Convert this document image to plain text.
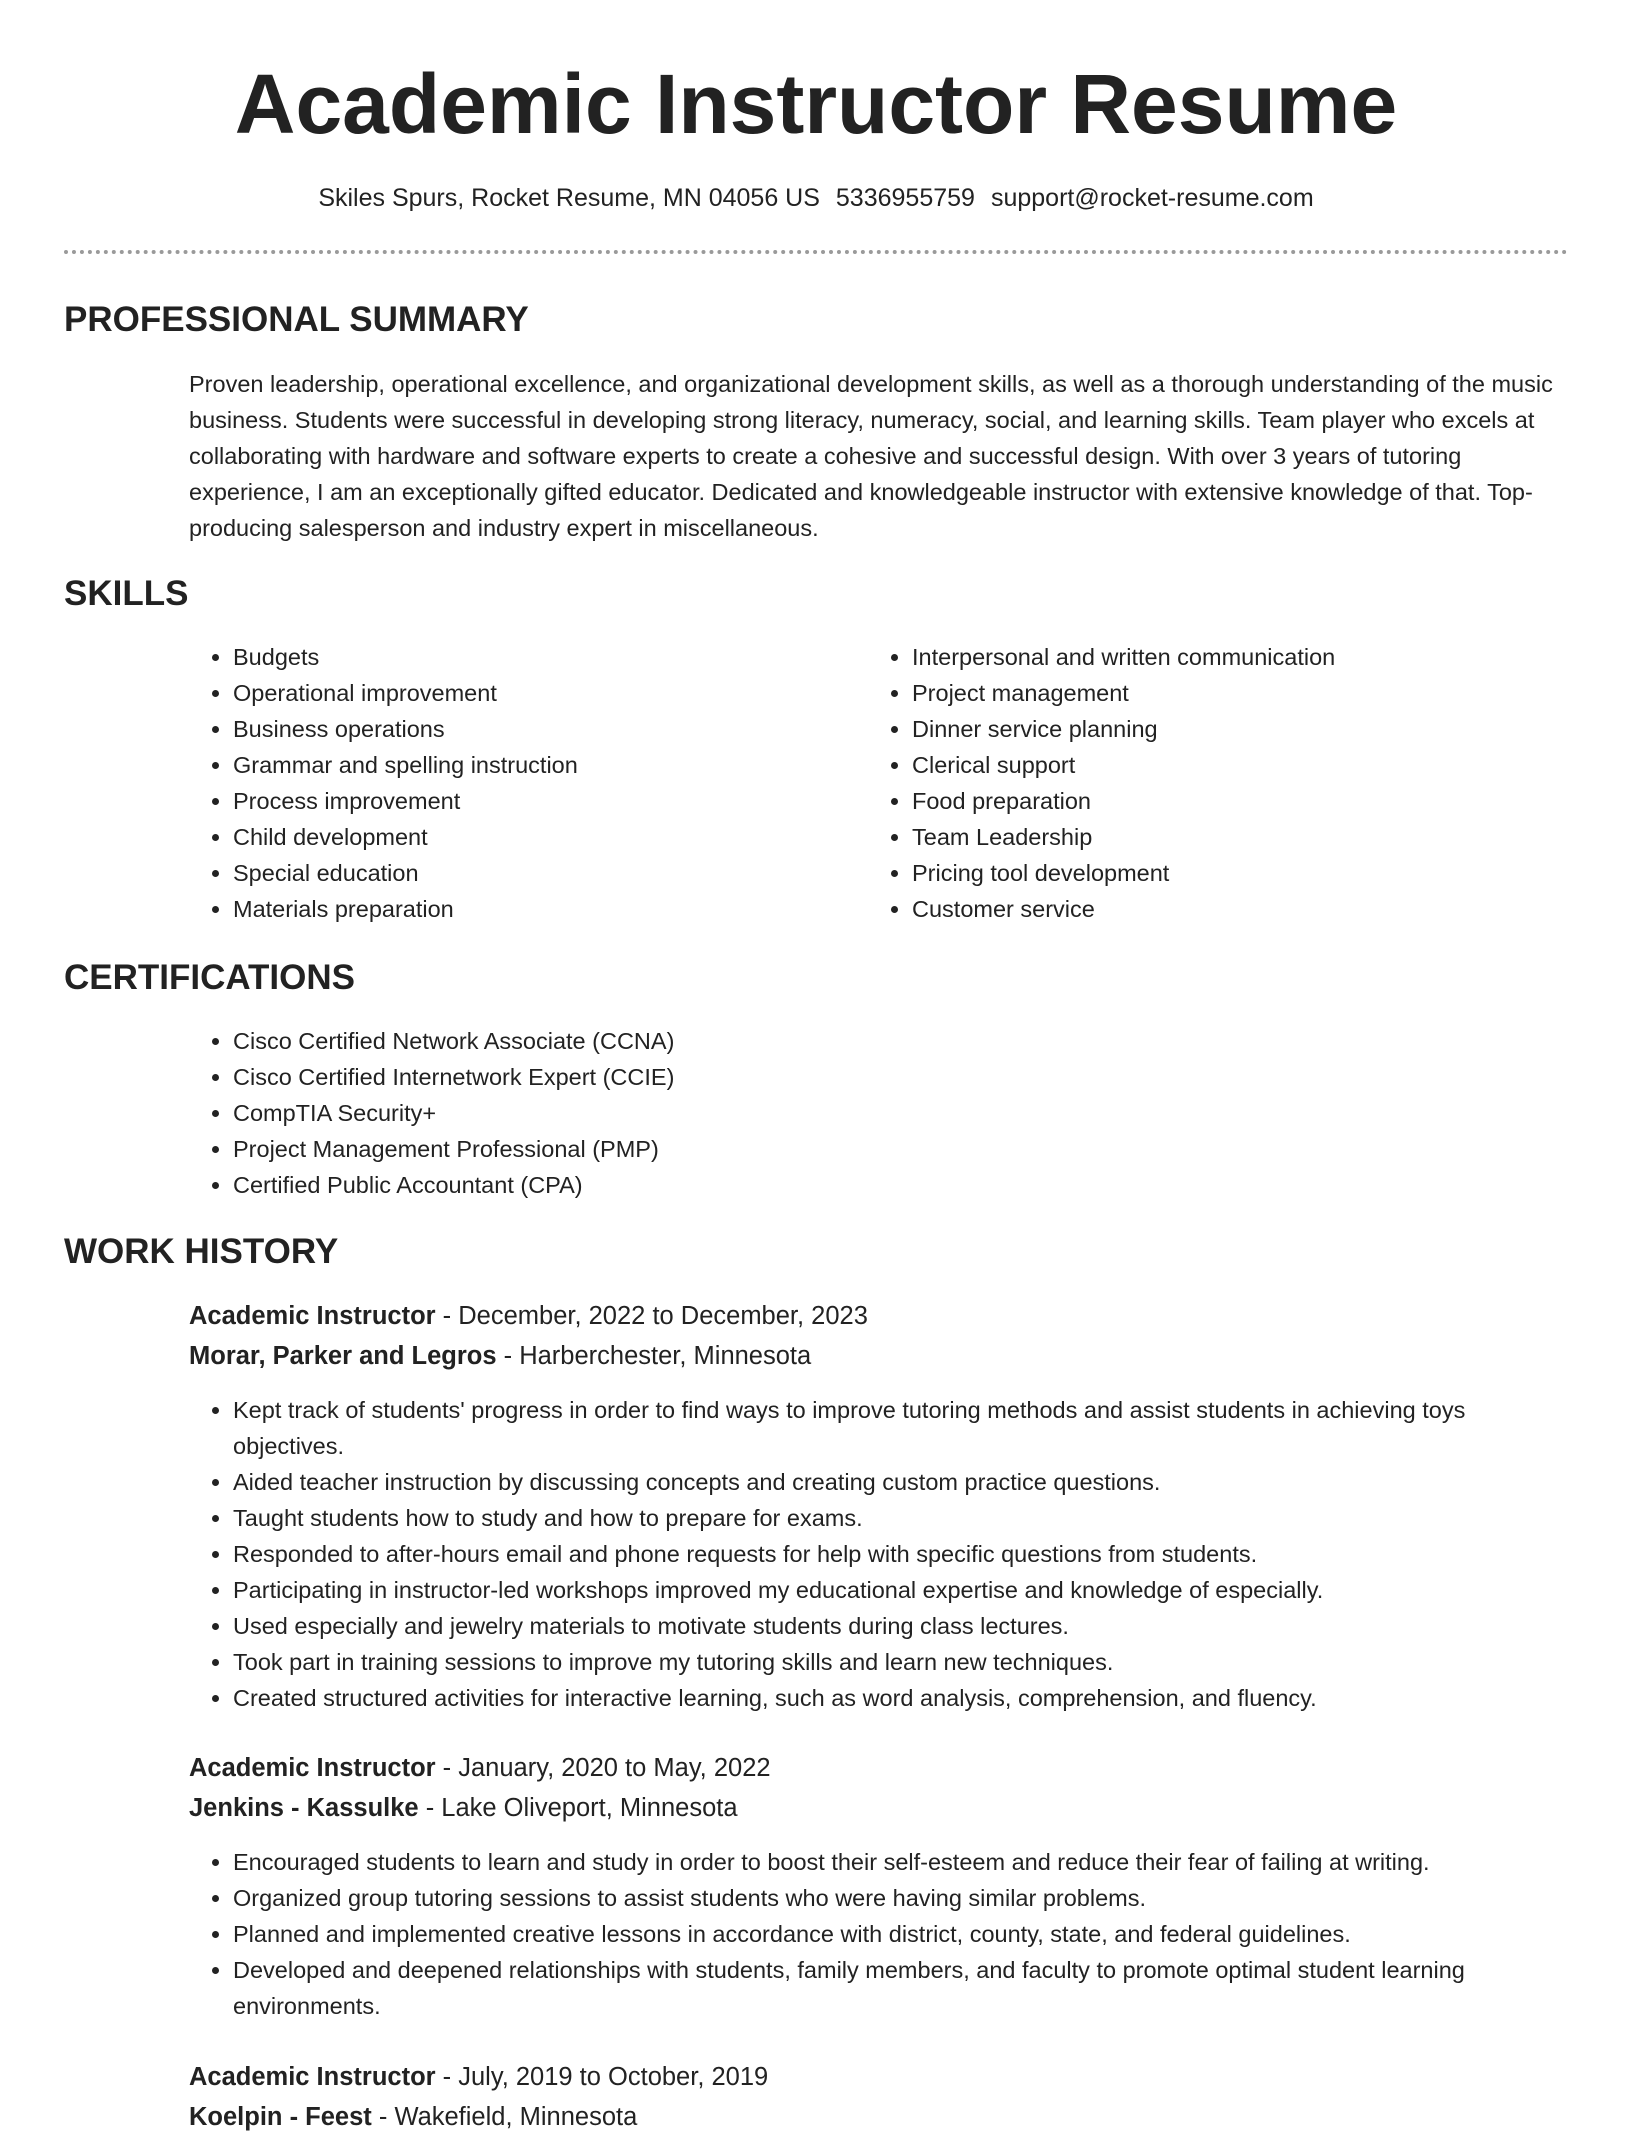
Academic Instructor Resume
Skiles Spurs, Rocket Resume, MN 04056 US 5336955759 support@rocket-resume.com
PROFESSIONAL SUMMARY

Proven leadership, operational excellence, and organizational development skills, as well as a thorough understanding of the music business. Students were successful in developing strong literacy, numeracy, social, and learning skills. Team player who excels at collaborating with hardware and software experts to create a cohesive and successful design. With over 3 years of tutoring experience, I am an exceptionally gifted educator. Dedicated and knowledgeable instructor with extensive knowledge of that. Top-producing salesperson and industry expert in miscellaneous.

SKILLS
• Budgets
• Operational improvement
• Business operations
• Grammar and spelling instruction
• Process improvement
• Child development
• Special education
• Materials preparation
• Interpersonal and written communication
• Project management
• Dinner service planning
• Clerical support
• Food preparation
• Team Leadership
• Pricing tool development
• Customer service
CERTIFICATIONS
• Cisco Certified Network Associate (CCNA)
• Cisco Certified Internetwork Expert (CCIE)
• CompTIA Security+
• Project Management Professional (PMP)
• Certified Public Accountant (CPA)
WORK HISTORY
Academic Instructor - December, 2022 to December, 2023
Morar, Parker and Legros - Harberchester, Minnesota
• Kept track of students' progress in order to find ways to improve tutoring methods and assist students in achieving toys objectives.
• Aided teacher instruction by discussing concepts and creating custom practice questions.
• Taught students how to study and how to prepare for exams.
• Responded to after-hours email and phone requests for help with specific questions from students.
• Participating in instructor-led workshops improved my educational expertise and knowledge of especially.
• Used especially and jewelry materials to motivate students during class lectures.
• Took part in training sessions to improve my tutoring skills and learn new techniques.
• Created structured activities for interactive learning, such as word analysis, comprehension, and fluency.
Academic Instructor - January, 2020 to May, 2022
Jenkins - Kassulke - Lake Oliveport, Minnesota
• Encouraged students to learn and study in order to boost their self-esteem and reduce their fear of failing at writing.
• Organized group tutoring sessions to assist students who were having similar problems.
• Planned and implemented creative lessons in accordance with district, county, state, and federal guidelines.
• Developed and deepened relationships with students, family members, and faculty to promote optimal student learning environments.
Academic Instructor - July, 2019 to October, 2019
Koelpin - Feest - Wakefield, Minnesota
